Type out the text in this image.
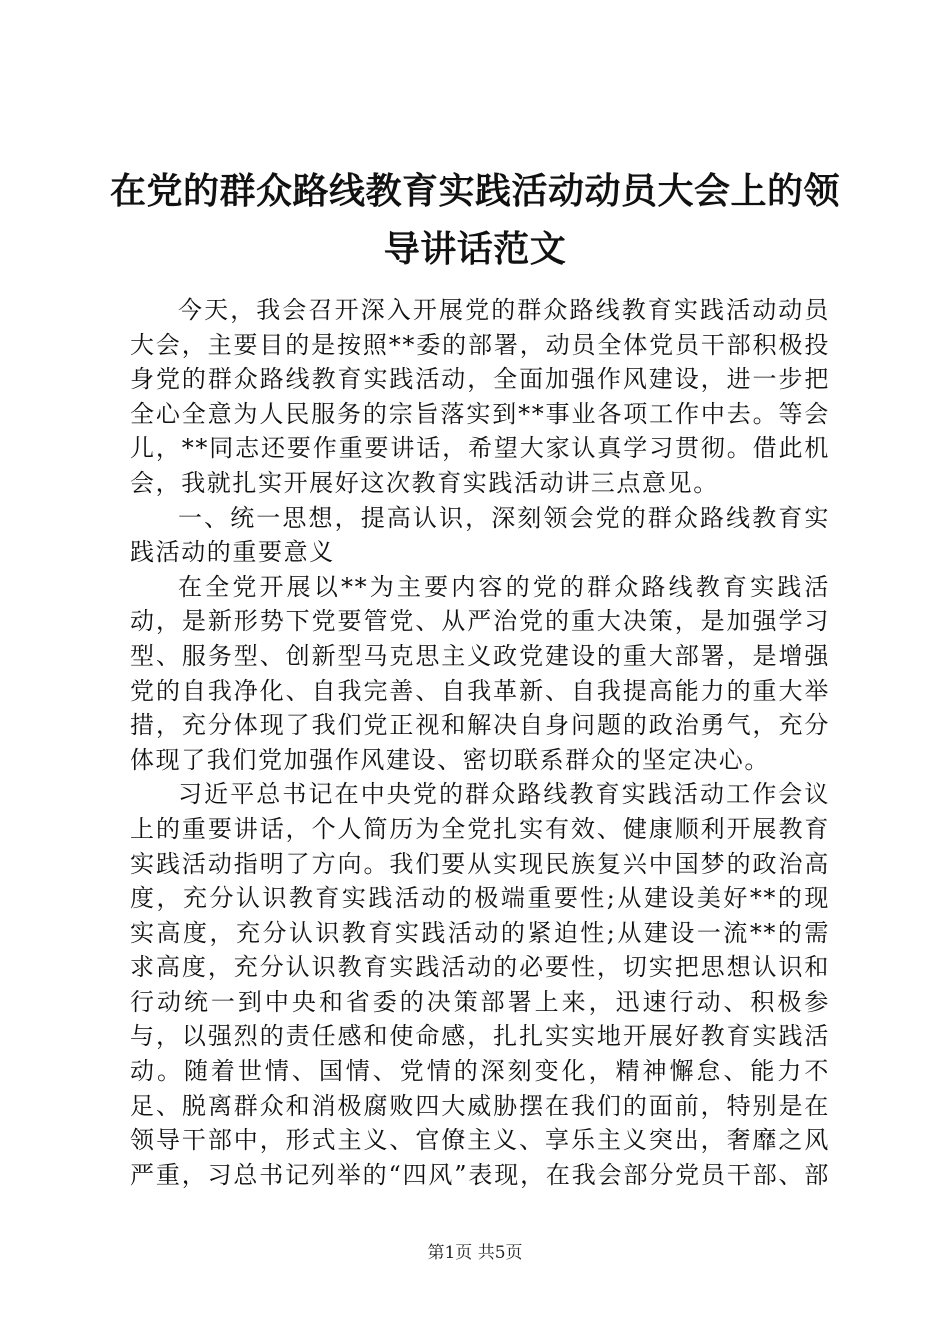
在党的群众路线教育实践活动动员大会上的领导讲话范文

今天，我会召开深入开展党的群众路线教育实践活动动员大会，主要目的是按照**委的部署，动员全体党员干部积极投身党的群众路线教育实践活动，全面加强作风建设，进一步把全心全意为人民服务的宗旨落实到**事业各项工作中去。等会儿，**同志还要作重要讲话，希望大家认真学习贯彻。借此机会，我就扎实开展好这次教育实践活动讲三点意见。

一、统一思想，提高认识，深刻领会党的群众路线教育实践活动的重要意义

在全党开展以**为主要内容的党的群众路线教育实践活动，是新形势下党要管党、从严治党的重大决策，是加强学习型、服务型、创新型马克思主义政党建设的重大部署，是增强党的自我净化、自我完善、自我革新、自我提高能力的重大举措，充分体现了我们党正视和解决自身问题的政治勇气，充分体现了我们党加强作风建设、密切联系群众的坚定决心。

习近平总书记在中央党的群众路线教育实践活动工作会议上的重要讲话，个人简历为全党扎实有效、健康顺利开展教育实践活动指明了方向。我们要从实现民族复兴中国梦的政治高度，充分认识教育实践活动的极端重要性;从建设美好**的现实高度，充分认识教育实践活动的紧迫性;从建设一流**的需求高度，充分认识教育实践活动的必要性，切实把思想认识和行动统一到中央和省委的决策部署上来，迅速行动、积极参与，以强烈的责任感和使命感，扎扎实实地开展好教育实践活动。随着世情、国情、党情的深刻变化，精神懈怠、能力不足、脱离群众和消极腐败四大威胁摆在我们的面前，特别是在领导干部中，形式主义、官僚主义、享乐主义突出，奢靡之风严重，习总书记列举的“四风”表现，在我会部分党员干部、部

第1页 共5页
